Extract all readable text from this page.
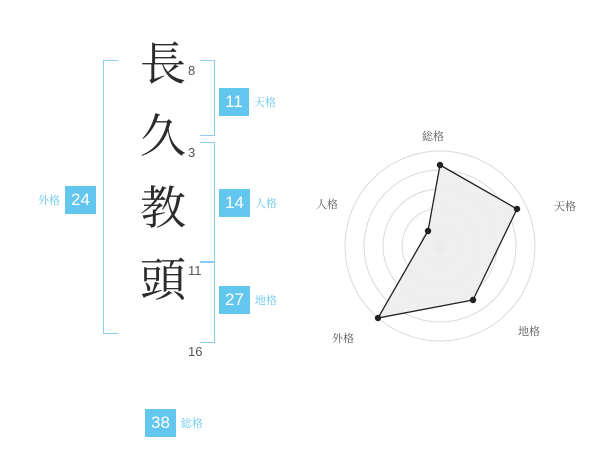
長
久
教
頭
8
3
11
16
11	天格
14	人格
27	地格
外格 24
38	総格
総格
天格
地格
外格
人格
